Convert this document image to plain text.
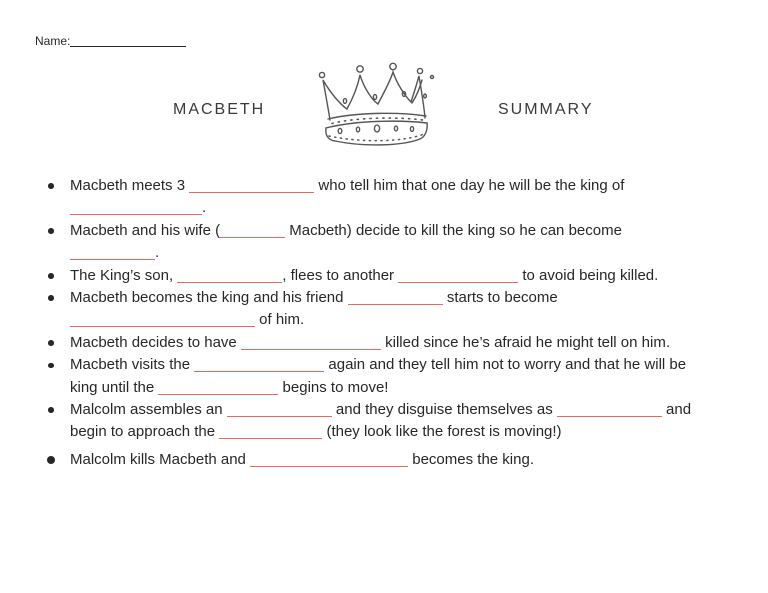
Name:
MACBETH	SUMMARY
Macbeth meets 3	who tell him that one day he will be the king of
.
Macbeth and his wife (	Macbeth) decide to kill the king so he can become
.
The King’s son,	, flees to another	to avoid being killed.
Macbeth becomes the king and his friend	starts to become
of him.
Macbeth decides to have	killed since he’s afraid he might tell on him.
Macbeth visits the	again and they tell him not to worry and that he will be
king until the	begins to move!
Malcolm assembles an	and they disguise themselves as	and
begin to approach the	(they look like the forest is moving!)
Malcolm kills Macbeth and	becomes the king.
